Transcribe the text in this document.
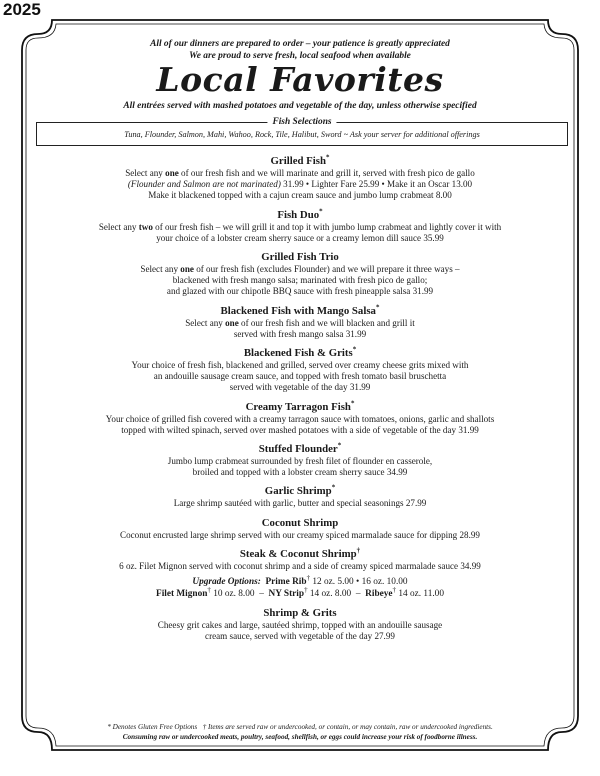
2025
All of our dinners are prepared to order – your patience is greatly appreciated
We are proud to serve fresh, local seafood when available
Local Favorites
All entrées served with mashed potatoes and vegetable of the day, unless otherwise specified
Fish Selections
Tuna, Flounder, Salmon, Mahi, Wahoo, Rock, Tile, Halibut, Sword ~ Ask your server for additional offerings
Grilled Fish*
Select any one of our fresh fish and we will marinate and grill it, served with fresh pico de gallo
(Flounder and Salmon are not marinated) 31.99 • Lighter Fare 25.99 • Make it an Oscar 13.00
Make it blackened topped with a cajun cream sauce and jumbo lump crabmeat 8.00
Fish Duo*
Select any two of our fresh fish – we will grill it and top it with jumbo lump crabmeat and lightly cover it with
your choice of a lobster cream sherry sauce or a creamy lemon dill sauce 35.99
Grilled Fish Trio
Select any one of our fresh fish (excludes Flounder) and we will prepare it three ways –
blackened with fresh mango salsa; marinated with fresh pico de gallo;
and glazed with our chipotle BBQ sauce with fresh pineapple salsa 31.99
Blackened Fish with Mango Salsa*
Select any one of our fresh fish and we will blacken and grill it
served with fresh mango salsa 31.99
Blackened Fish & Grits*
Your choice of fresh fish, blackened and grilled, served over creamy cheese grits mixed with
an andouille sausage cream sauce, and topped with fresh tomato basil bruschetta
served with vegetable of the day 31.99
Creamy Tarragon Fish*
Your choice of grilled fish covered with a creamy tarragon sauce with tomatoes, onions, garlic and shallots
topped with wilted spinach, served over mashed potatoes with a side of vegetable of the day 31.99
Stuffed Flounder*
Jumbo lump crabmeat surrounded by fresh filet of flounder en casserole,
broiled and topped with a lobster cream sherry sauce 34.99
Garlic Shrimp*
Large shrimp sautéed with garlic, butter and special seasonings 27.99
Coconut Shrimp
Coconut encrusted large shrimp served with our creamy spiced marmalade sauce for dipping 28.99
Steak & Coconut Shrimp†
6 oz. Filet Mignon served with coconut shrimp and a side of creamy spiced marmalade sauce 34.99
Upgrade Options: Prime Rib† 12 oz. 5.00 • 16 oz. 10.00
Filet Mignon† 10 oz. 8.00  –  NY Strip† 14 oz. 8.00  –  Ribeye† 14 oz. 11.00
Shrimp & Grits
Cheesy grit cakes and large, sautéed shrimp, topped with an andouille sausage
cream sauce, served with vegetable of the day 27.99
* Denotes Gluten Free Options   † Items are served raw or undercooked, or contain, or may contain, raw or undercooked ingredients.
Consuming raw or undercooked meats, poultry, seafood, shellfish, or eggs could increase your risk of foodborne illness.
